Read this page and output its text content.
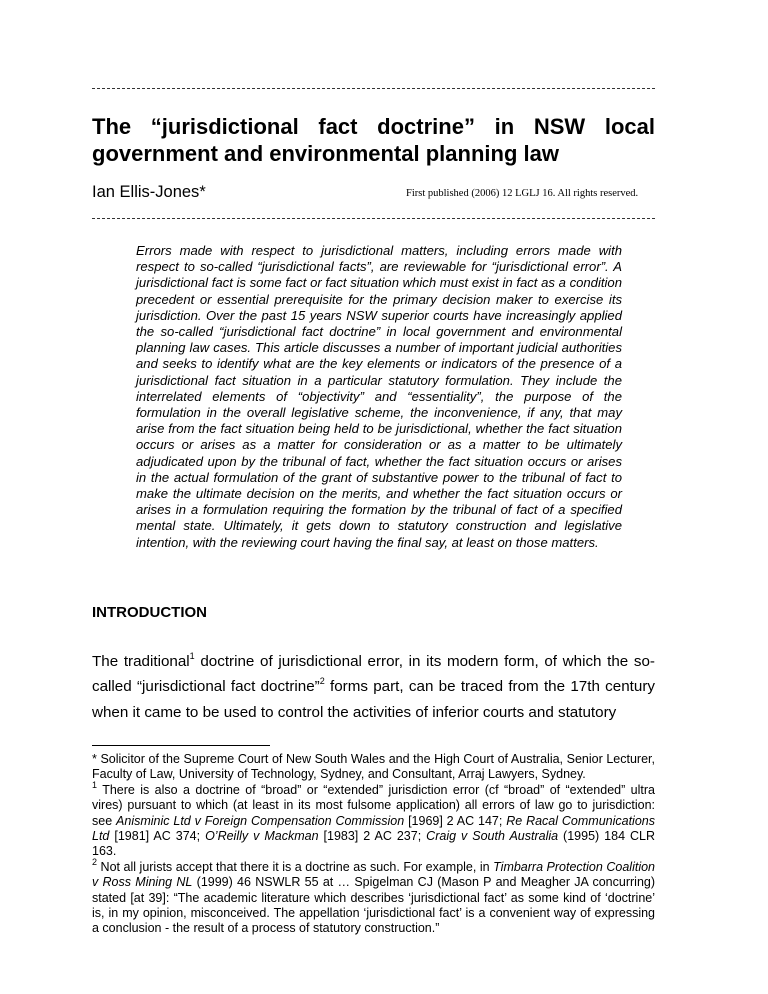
The “jurisdictional fact doctrine” in NSW local government and environmental planning law
Ian Ellis-Jones*	First published (2006) 12 LGLJ 16. All rights reserved.

Errors made with respect to jurisdictional matters, including errors made with respect to so-called “jurisdictional facts”, are reviewable for “jurisdictional error”. A jurisdictional fact is some fact or fact situation which must exist in fact as a condition precedent or essential prerequisite for the primary decision maker to exercise its jurisdiction. Over the past 15 years NSW superior courts have increasingly applied the so-called “jurisdictional fact doctrine” in local government and environmental planning law cases. This article discusses a number of important judicial authorities and seeks to identify what are the key elements or indicators of the presence of a jurisdictional fact situation in a particular statutory formulation. They include the interrelated elements of “objectivity” and “essentiality”, the purpose of the formulation in the overall legislative scheme, the inconvenience, if any, that may arise from the fact situation being held to be jurisdictional, whether the fact situation occurs or arises as a matter for consideration or as a matter to be ultimately adjudicated upon by the tribunal of fact, whether the fact situation occurs or arises in the actual formulation of the grant of substantive power to the tribunal of fact to make the ultimate decision on the merits, and whether the fact situation occurs or arises in a formulation requiring the formation by the tribunal of fact of a specified mental state. Ultimately, it gets down to statutory construction and legislative intention, with the reviewing court having the final say, at least on those matters.

INTRODUCTION

The traditional$^1$ doctrine of jurisdictional error, in its modern form, of which the so-called “jurisdictional fact doctrine”$^2$ forms part, can be traced from the 17th century when it came to be used to control the activities of inferior courts and statutory

* Solicitor of the Supreme Court of New South Wales and the High Court of Australia, Senior Lecturer, Faculty of Law, University of Technology, Sydney, and Consultant, Arraj Lawyers, Sydney.

$^1$ There is also a doctrine of “broad” or “extended” jurisdiction error (cf “broad” of “extended” ultra vires) pursuant to which (at least in its most fulsome application) all errors of law go to jurisdiction: see Anisminic Ltd v Foreign Compensation Commission [1969] 2 AC 147; Re Racal Communications Ltd [1981] AC 374; O’Reilly v Mackman [1983] 2 AC 237; Craig v South Australia (1995) 184 CLR 163.

$^2$ Not all jurists accept that there it is a doctrine as such. For example, in Timbarra Protection Coalition v Ross Mining NL (1999) 46 NSWLR 55 at … Spigelman CJ (Mason P and Meagher JA concurring) stated [at 39]: “The academic literature which describes ‘jurisdictional fact’ as some kind of ‘doctrine’ is, in my opinion, misconceived. The appellation ‘jurisdictional fact’ is a convenient way of expressing a conclusion - the result of a process of statutory construction.”
